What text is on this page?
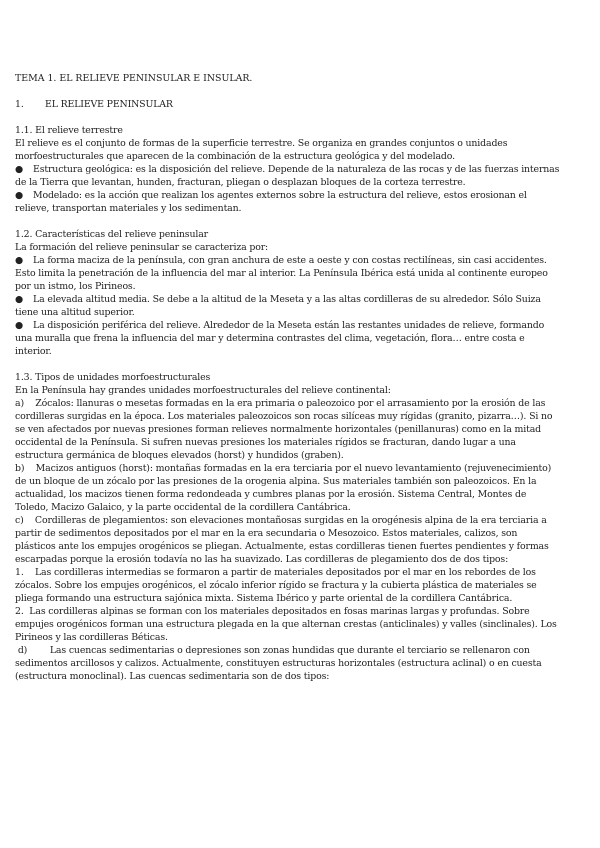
TEMA 1. EL RELIEVE PENINSULAR E INSULAR.
1. EL RELIEVE PENINSULAR
1.1. El relieve terrestre
El relieve es el conjunto de formas de la superficie terrestre. Se organiza en grandes conjuntos o unidades
morfoestructurales que aparecen de la combinación de la estructura geológica y del modelado.
● Estructura geológica: es la disposición del relieve. Depende de la naturaleza de las rocas y de las fuerzas internas
de la Tierra que levantan, hunden, fracturan, pliegan o desplazan bloques de la corteza terrestre.
● Modelado: es la acción que realizan los agentes externos sobre la estructura del relieve, estos erosionan el
relieve, transportan materiales y los sedimentan.
1.2. Características del relieve peninsular
La formación del relieve peninsular se caracteriza por:
● La forma maciza de la península, con gran anchura de este a oeste y con costas rectilíneas, sin casi accidentes.
Esto limita la penetración de la influencia del mar al interior. La Península Ibérica está unida al continente europeo
por un istmo, los Pirineos.
● La elevada altitud media. Se debe a la altitud de la Meseta y a las altas cordilleras de su alrededor. Sólo Suiza
tiene una altitud superior.
● La disposición periférica del relieve. Alrededor de la Meseta están las restantes unidades de relieve, formando
una muralla que frena la influencia del mar y determina contrastes del clima, vegetación, flora… entre costa e
interior.
1.3. Tipos de unidades morfoestructurales
En la Península hay grandes unidades morfoestructurales del relieve continental:
a)    Zócalos: llanuras o mesetas formadas en la era primaria o paleozoico por el arrasamiento por la erosión de las
cordilleras surgidas en la época. Los materiales paleozoicos son rocas silíceas muy rígidas (granito, pizarra…). Si no
se ven afectados por nuevas presiones forman relieves normalmente horizontales (penillanuras) como en la mitad
occidental de la Península. Si sufren nuevas presiones los materiales rígidos se fracturan, dando lugar a una
estructura germánica de bloques elevados (horst) y hundidos (graben).
b)    Macizos antiguos (horst): montañas formadas en la era terciaria por el nuevo levantamiento (rejuvenecimiento)
de un bloque de un zócalo por las presiones de la orogenia alpina. Sus materiales también son paleozoicos. En la
actualidad, los macizos tienen forma redondeada y cumbres planas por la erosión. Sistema Central, Montes de
Toledo, Macizo Galaico, y la parte occidental de la cordillera Cantábrica.
c)    Cordilleras de plegamientos: son elevaciones montañosas surgidas en la orogénesis alpina de la era terciaria a
partir de sedimentos depositados por el mar en la era secundaria o Mesozoico. Estos materiales, calizos, son
plásticos ante los empujes orogénicos se pliegan. Actualmente, estas cordilleras tienen fuertes pendientes y formas
escarpadas porque la erosión todavía no las ha suavizado. Las cordilleras de plegamiento dos de dos tipos:
1.    Las cordilleras intermedias se formaron a partir de materiales depositados por el mar en los rebordes de los
zócalos. Sobre los empujes orogénicos, el zócalo inferior rígido se fractura y la cubierta plástica de materiales se
pliega formando una estructura sajónica mixta. Sistema Ibérico y parte oriental de la cordillera Cantábrica.
2.  Las cordilleras alpinas se forman con los materiales depositados en fosas marinas largas y profundas. Sobre
empujes orogénicos forman una estructura plegada en la que alternan crestas (anticlinales) y valles (sinclinales). Los
Pirineos y las cordilleras Béticas.
d)        Las cuencas sedimentarias o depresiones son zonas hundidas que durante el terciario se rellenaron con
sedimentos arcillosos y calizos. Actualmente, constituyen estructuras horizontales (estructura aclinal) o en cuesta
(estructura monoclinal). Las cuencas sedimentaria son de dos tipos:
